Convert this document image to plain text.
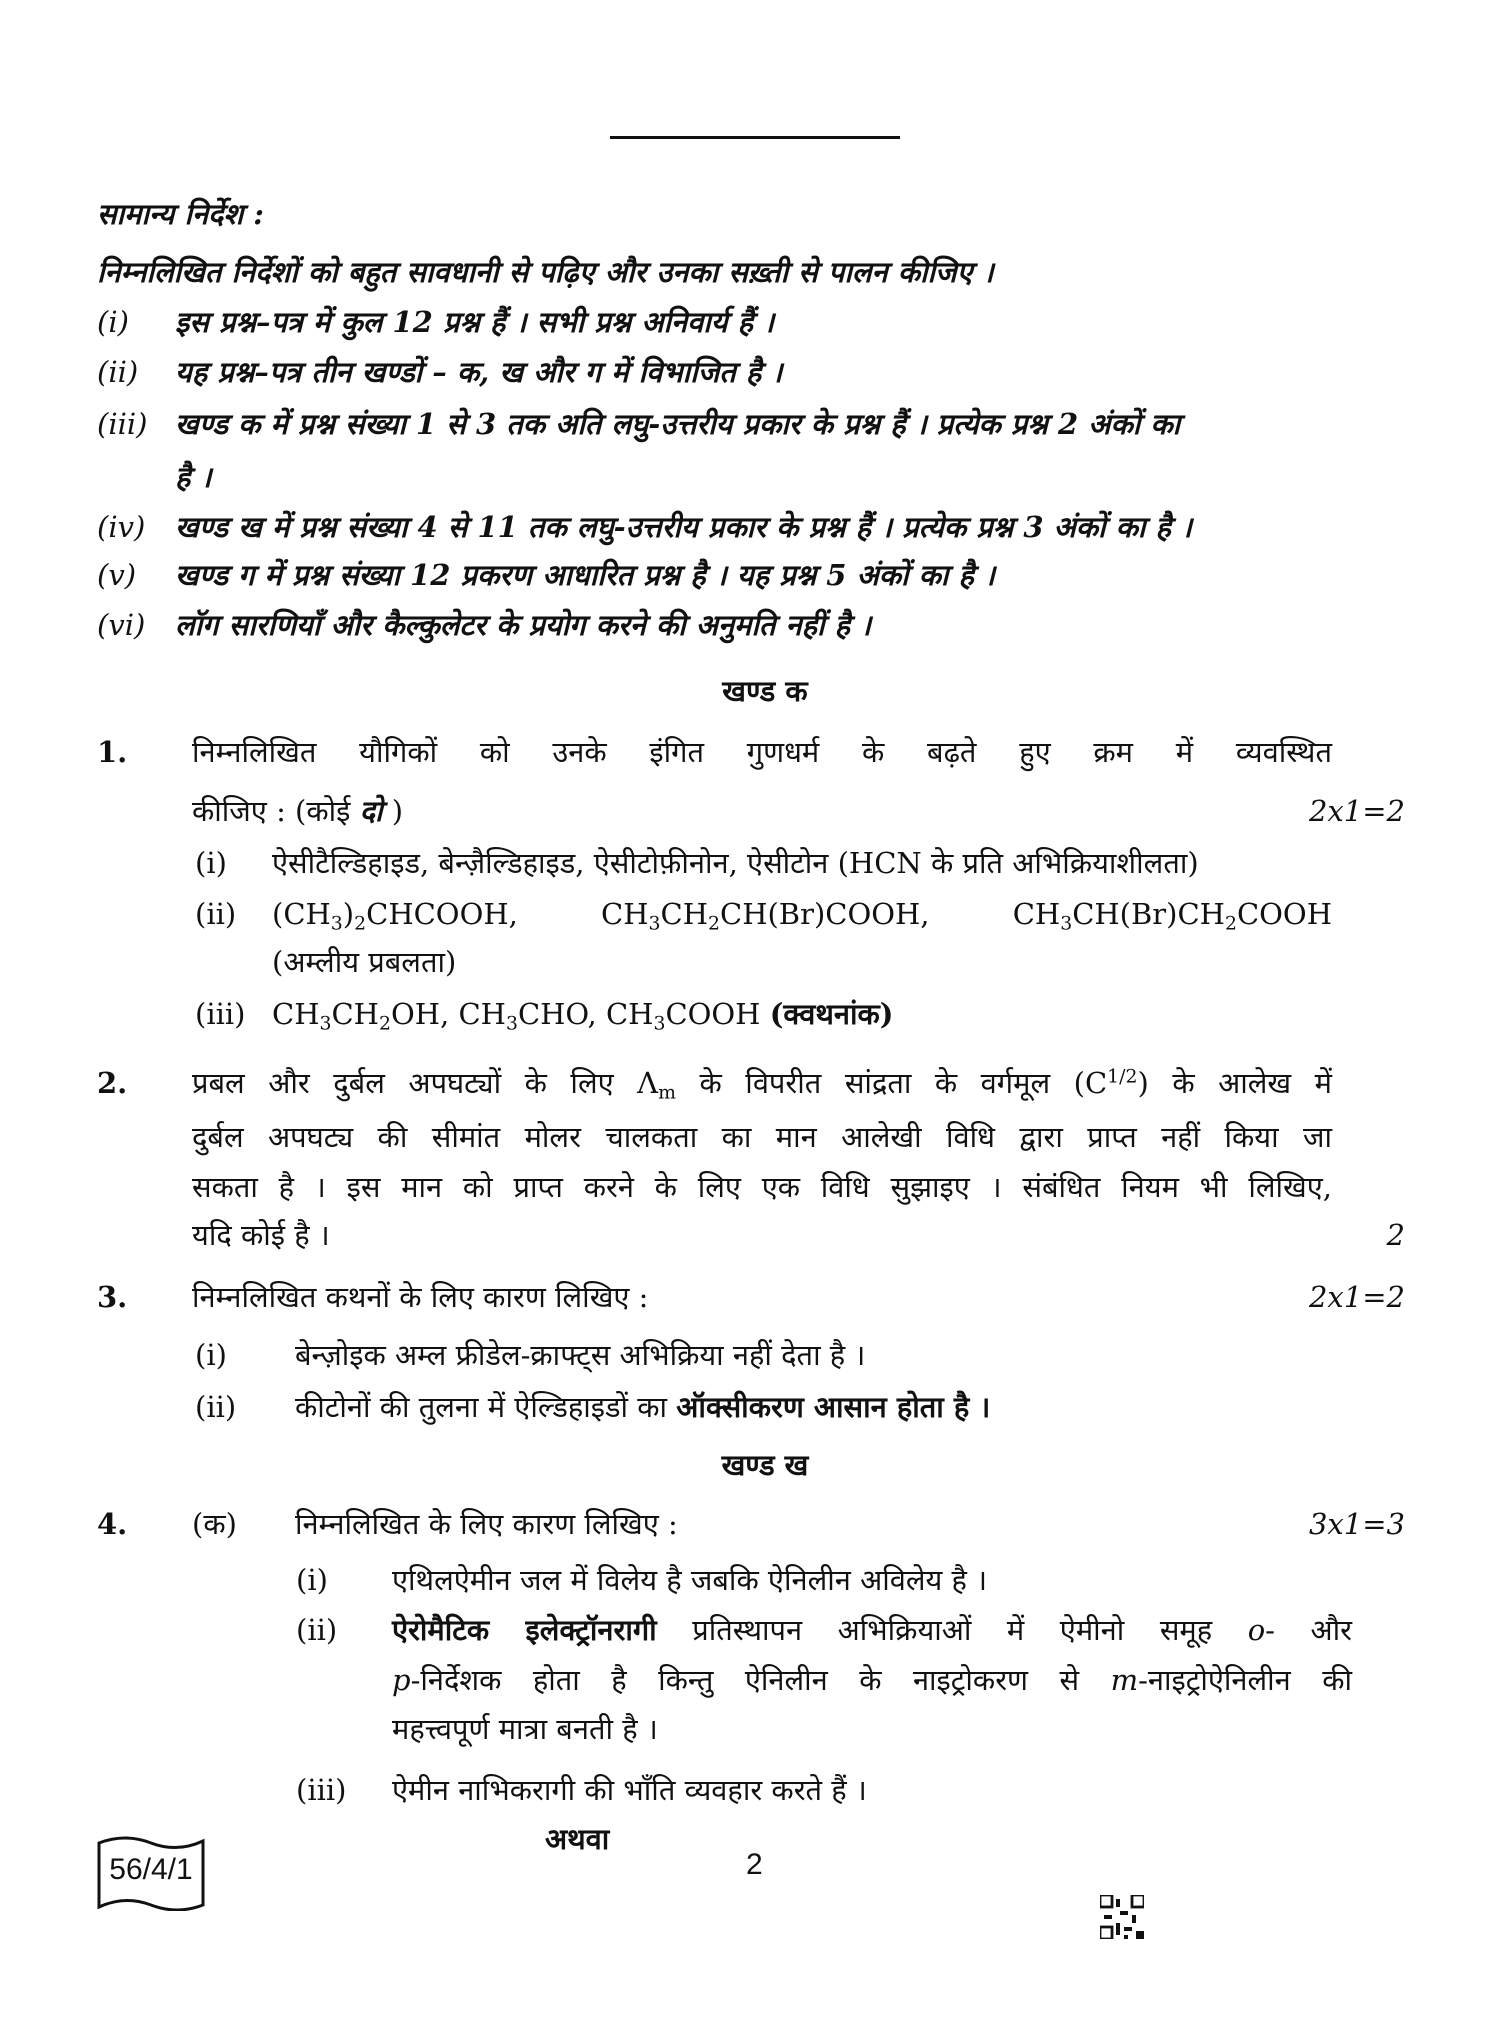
सामान्य निर्देश :
निम्नलिखित निर्देशों को बहुत सावधानी से पढ़िए और उनका सख़्ती से पालन कीजिए ।
(i) इस प्रश्न–पत्र में कुल 12 प्रश्न हैं । सभी प्रश्न अनिवार्य हैं ।
(ii) यह प्रश्न–पत्र तीन खण्डों – क, ख और ग में विभाजित है ।
(iii) खण्ड क में प्रश्न संख्या 1 से 3 तक अति लघु-उत्तरीय प्रकार के प्रश्न हैं । प्रत्येक प्रश्न 2 अंकों का
है ।
(iv) खण्ड ख में प्रश्न संख्या 4 से 11 तक लघु-उत्तरीय प्रकार के प्रश्न हैं । प्रत्येक प्रश्न 3 अंकों का है ।
(v) खण्ड ग में प्रश्न संख्या 12 प्रकरण आधारित प्रश्न है । यह प्रश्न 5 अंकों का है ।
(vi) लॉग सारणियाँ और कैल्कुलेटर के प्रयोग करने की अनुमति नहीं है ।
खण्ड क
1. निम्नलिखित यौगिकों को उनके इंगित गुणधर्म के बढ़ते हुए क्रम में व्यवस्थित
कीजिए : (कोई दो )	2x1=2
(i) ऐसीटैल्डिहाइड, बेन्ज़ैल्डिहाइड, ऐसीटोफ़ीनोन, ऐसीटोन (HCN के प्रति अभिक्रियाशीलता)
(ii) $(CH_3)_2CHCOOH$,	$CH_3CH_2CH(Br)COOH$,	$CH_3CH(Br)CH_2COOH$
(अम्लीय प्रबलता)
(iii) $CH_3CH_2OH$, $CH_3CHO$, $CH_3COOH$ (क्वथनांक)
2. प्रबल और दुर्बल अपघट्यों के लिए $\Lambda_m$ के विपरीत सांद्रता के वर्गमूल $(C^{1/2})$ के आलेख में
दुर्बल अपघट्य की सीमांत मोलर चालकता का मान आलेखी विधि द्वारा प्राप्त नहीं किया जा
सकता है । इस मान को प्राप्त करने के लिए एक विधि सुझाइए । संबंधित नियम भी लिखिए,
यदि कोई है ।	2
3. निम्नलिखित कथनों के लिए कारण लिखिए :	2x1=2
(i) बेन्ज़ोइक अम्ल फ्रीडेल-क्राफ्ट्स अभिक्रिया नहीं देता है ।
(ii) कीटोनों की तुलना में ऐल्डिहाइडों का ऑक्सीकरण आसान होता है ।
खण्ड ख
4. (क) निम्नलिखित के लिए कारण लिखिए :	3x1=3
(i) एथिलऐमीन जल में विलेय है जबकि ऐनिलीन अविलेय है ।
(ii) ऐरोमैटिक इलेक्ट्रॉनरागी प्रतिस्थापन अभिक्रियाओं में ऐमीनो समूह o- और
p-निर्देशक होता है किन्तु ऐनिलीन के नाइट्रोकरण से m-नाइट्रोऐनिलीन की
महत्त्वपूर्ण मात्रा बनती है ।
(iii) ऐमीन नाभिकरागी की भाँति व्यवहार करते हैं ।
अथवा
56/4/1	2
